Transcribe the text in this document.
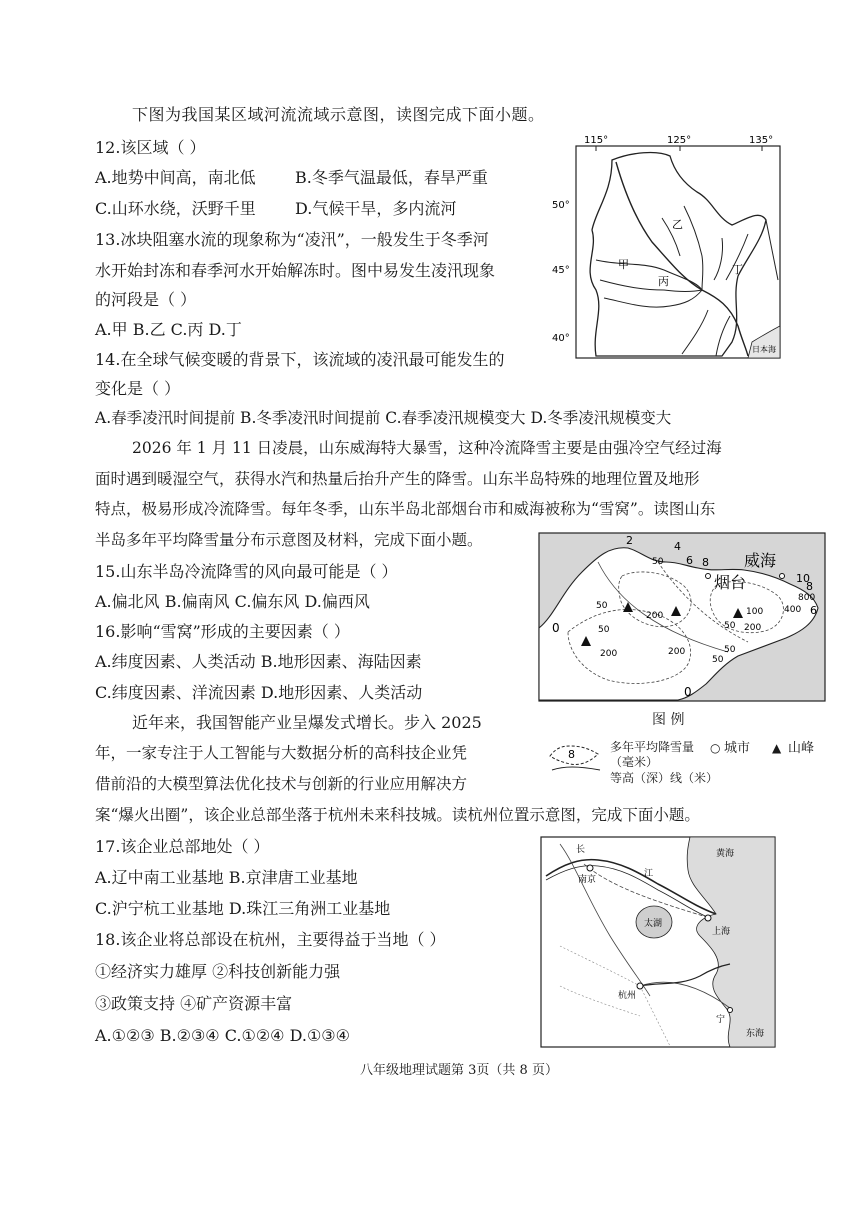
下图为我国某区域河流流域示意图，读图完成下面小题。
12.该区域（ ）
A.地势中间高，南北低 B.冬季气温最低，春旱严重
C.山环水绕，沃野千里 D.气候干旱，多内流河
13.冰块阻塞水流的现象称为“凌汛”，一般发生于冬季河
水开始封冻和春季河水开始解冻时。图中易发生凌汛现象
的河段是（ ）
A.甲 B.乙 C.丙 D.丁
14.在全球气候变暖的背景下，该流域的凌汛最可能发生的
变化是（ ）
A.春季凌汛时间提前 B.冬季凌汛时间提前 C.春季凌汛规模变大 D.冬季凌汛规模变大
115°	125°	135°
50°
45°
40°
日本海
乙
甲
丙
丁
2026 年 1 月 11 日凌晨，山东威海特大暴雪，这种冷流降雪主要是由强冷空气经过海
面时遇到暖湿空气，获得水汽和热量后抬升产生的降雪。山东半岛特殊的地理位置及地形
特点，极易形成冷流降雪。每年冬季，山东半岛北部烟台市和威海被称为“雪窝”。读图山东
半岛多年平均降雪量分布示意图及材料，完成下面小题。
15.山东半岛冷流降雪的风向最可能是（ ）
A.偏北风 B.偏南风 C.偏东风 D.偏西风
16.影响“雪窝”形成的主要因素（ ）
A.纬度因素、人类活动 B.地形因素、海陆因素
C.纬度因素、洋流因素 D.地形因素、人类活动
威海
烟台
2	4
6 8
50
50
200
200	200
50
0
100 400
800
10
8
6
0
50
50
200
50
图 例
8
多年平均降雪量（毫米）
○ 城市 ▲ 山峰
等高（深）线（米）
近年来，我国智能产业呈爆发式增长。步入 2025
年，一家专注于人工智能与大数据分析的高科技企业凭
借前沿的大模型算法优化技术与创新的行业应用解决方
案“爆火出圈”，该企业总部坐落于杭州未来科技城。读杭州位置示意图，完成下面小题。
17.该企业总部地处（ ）
A.辽中南工业基地 B.京津唐工业基地
C.沪宁杭工业基地 D.珠江三角洲工业基地
18.该企业将总部设在杭州，主要得益于当地（ ）
①经济实力雄厚 ②科技创新能力强
③政策支持 ④矿产资源丰富
A.①②③ B.②③④ C.①②④ D.①③④
长
南京
江
黄海
太湖
上海
杭州
宁
东海
八年级地理试题第 3页（共 8 页）
